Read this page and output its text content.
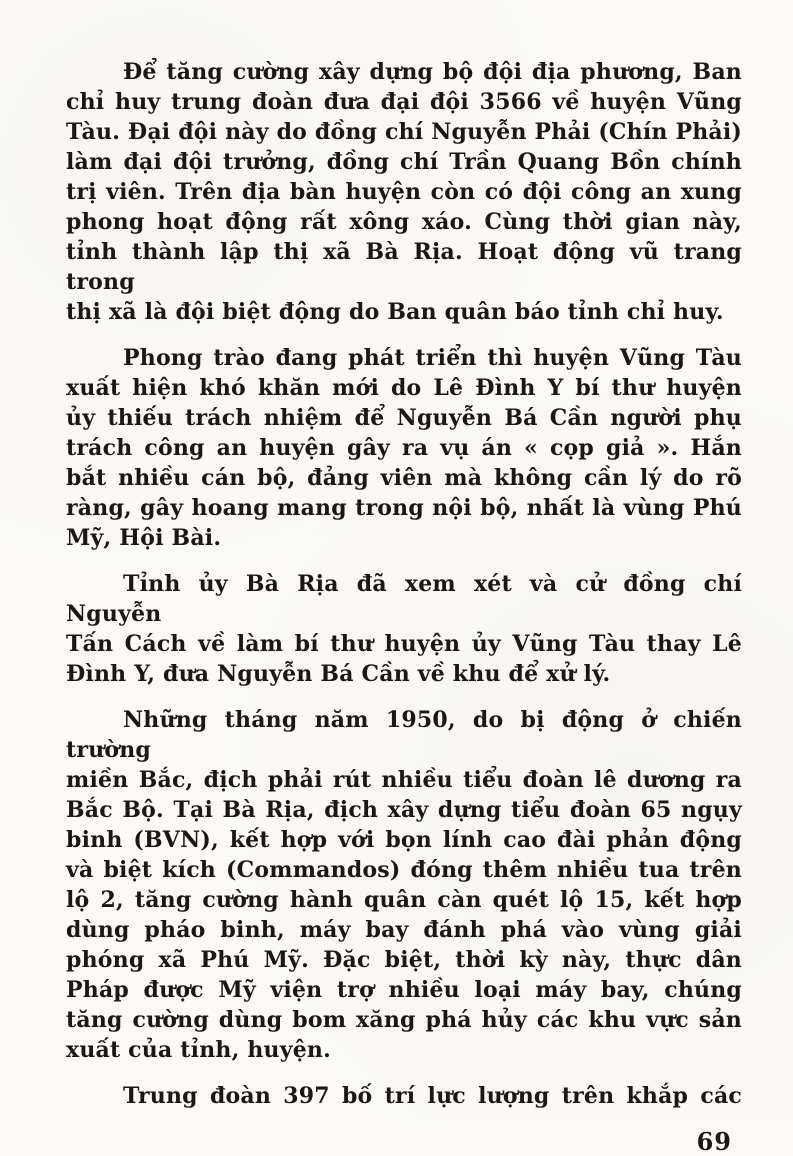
Để tăng cường xây dựng bộ đội địa phương, Ban
chỉ huy trung đoàn đưa đại đội 3566 về huyện Vũng
Tàu. Đại đội này do đồng chí Nguyễn Phải (Chín Phải)
làm đại đội trưởng, đồng chí Trần Quang Bồn chính
trị viên. Trên địa bàn huyện còn có đội công an xung
phong hoạt động rất xông xáo. Cùng thời gian này,
tỉnh thành lập thị xã Bà Rịa. Hoạt động vũ trang trong
thị xã là đội biệt động do Ban quân báo tỉnh chỉ huy.

Phong trào đang phát triển thì huyện Vũng Tàu
xuất hiện khó khăn mới do Lê Đình Y bí thư huyện
ủy thiếu trách nhiệm để Nguyễn Bá Cần người phụ
trách công an huyện gây ra vụ án « cọp giả ». Hắn
bắt nhiều cán bộ, đảng viên mà không cần lý do rõ
ràng, gây hoang mang trong nội bộ, nhất là vùng Phú
Mỹ, Hội Bài.

Tỉnh ủy Bà Rịa đã xem xét và cử đồng chí Nguyễn
Tấn Cách về làm bí thư huyện ủy Vũng Tàu thay Lê
Đình Y, đưa Nguyễn Bá Cần về khu để xử lý.

Những tháng năm 1950, do bị động ở chiến trường
miền Bắc, địch phải rút nhiều tiểu đoàn lê dương ra
Bắc Bộ. Tại Bà Rịa, địch xây dựng tiểu đoàn 65 ngụy
binh (BVN), kết hợp với bọn lính cao đài phản động
và biệt kích (Commandos) đóng thêm nhiều tua trên
lộ 2, tăng cường hành quân càn quét lộ 15, kết hợp
dùng pháo binh, máy bay đánh phá vào vùng giải
phóng xã Phú Mỹ. Đặc biệt, thời kỳ này, thực dân
Pháp được Mỹ viện trợ nhiều loại máy bay, chúng
tăng cường dùng bom xăng phá hủy các khu vực sản
xuất của tỉnh, huyện.

Trung đoàn 397 bố trí lực lượng trên khắp các

69
